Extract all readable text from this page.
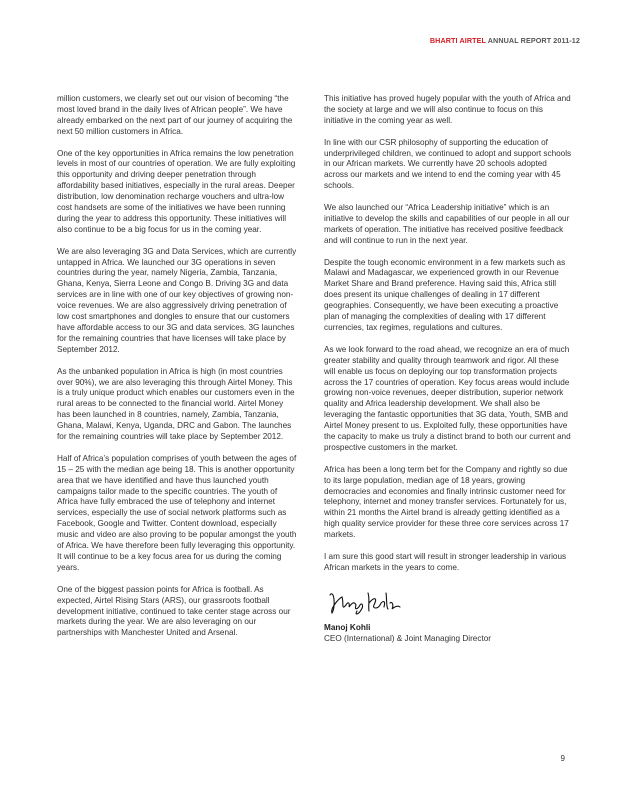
BHARTI AIRTEL ANNUAL REPORT 2011-12

million customers, we clearly set out our vision of becoming “the most loved brand in the daily lives of African people”. We have already embarked on the next part of our journey of acquiring the next 50 million customers in Africa.

One of the key opportunities in Africa remains the low penetration levels in most of our countries of operation. We are fully exploiting this opportunity and driving deeper penetration through affordability based initiatives, especially in the rural areas. Deeper distribution, low denomination recharge vouchers and ultra-low cost handsets are some of the initiatives we have been running during the year to address this opportunity. These initiatives will also continue to be a big focus for us in the coming year.

We are also leveraging 3G and Data Services, which are currently untapped in Africa. We launched our 3G operations in seven countries during the year, namely Nigeria, Zambia, Tanzania, Ghana, Kenya, Sierra Leone and Congo B. Driving 3G and data services are in line with one of our key objectives of growing non-voice revenues. We are also aggressively driving penetration of low cost smartphones and dongles to ensure that our customers have affordable access to our 3G and data services. 3G launches for the remaining countries that have licenses will take place by September 2012.

As the unbanked population in Africa is high (in most countries over 90%), we are also leveraging this through Airtel Money. This is a truly unique product which enables our customers even in the rural areas to be connected to the financial world. Airtel Money has been launched in 8 countries, namely, Zambia, Tanzania, Ghana, Malawi, Kenya, Uganda, DRC and Gabon. The launches for the remaining countries will take place by September 2012.

Half of Africa’s population comprises of youth between the ages of 15 – 25 with the median age being 18. This is another opportunity area that we have identified and have thus launched youth campaigns tailor made to the specific countries. The youth of Africa have fully embraced the use of telephony and internet services, especially the use of social network platforms such as Facebook, Google and Twitter. Content download, especially music and video are also proving to be popular amongst the youth of Africa. We have therefore been fully leveraging this opportunity. It will continue to be a key focus area for us during the coming years.

One of the biggest passion points for Africa is football. As expected, Airtel Rising Stars (ARS), our grassroots football development initiative, continued to take center stage across our markets during the year. We are also leveraging on our partnerships with Manchester United and Arsenal.

This initiative has proved hugely popular with the youth of Africa and the society at large and we will also continue to focus on this initiative in the coming year as well.

In line with our CSR philosophy of supporting the education of underprivileged children, we continued to adopt and support schools in our African markets. We currently have 20 schools adopted across our markets and we intend to end the coming year with 45 schools.

We also launched our “Africa Leadership initiative” which is an initiative to develop the skills and capabilities of our people in all our markets of operation. The initiative has received positive feedback and will continue to run in the next year.

Despite the tough economic environment in a few markets such as Malawi and Madagascar, we experienced growth in our Revenue Market Share and Brand preference. Having said this, Africa still does present its unique challenges of dealing in 17 different geographies. Consequently, we have been executing a proactive plan of managing the complexities of dealing with 17 different currencies, tax regimes, regulations and cultures.

As we look forward to the road ahead, we recognize an era of much greater stability and quality through teamwork and rigor. All these will enable us focus on deploying our top transformation projects across the 17 countries of operation. Key focus areas would include growing non-voice revenues, deeper distribution, superior network quality and Africa leadership development. We shall also be leveraging the fantastic opportunities that 3G data, Youth, SMB and Airtel Money present to us. Exploited fully, these opportunities have the capacity to make us truly a distinct brand to both our current and prospective customers in the market.

Africa has been a long term bet for the Company and rightly so due to its large population, median age of 18 years, growing democracies and economies and finally intrinsic customer need for telephony, internet and money transfer services. Fortunately for us, within 21 months the Airtel brand is already getting identified as a high quality service provider for these three core services across 17 markets.

I am sure this good start will result in stronger leadership in various African markets in the years to come.

Manoj Kohli
CEO (International) & Joint Managing Director
9
